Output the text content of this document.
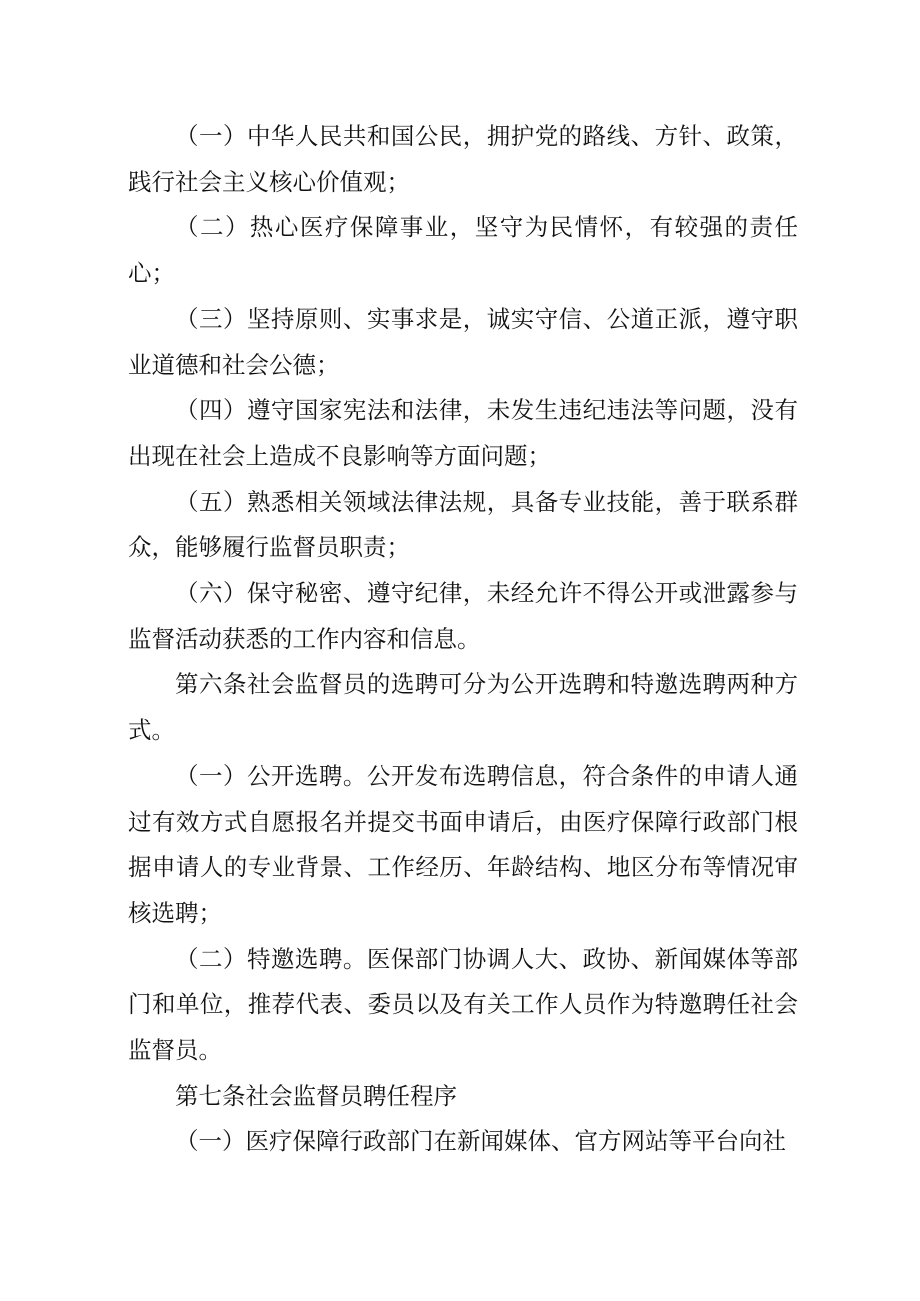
（一）中华人民共和国公民，拥护党的路线、方针、政策，践行社会主义核心价值观；

（二）热心医疗保障事业，坚守为民情怀，有较强的责任心；

（三）坚持原则、实事求是，诚实守信、公道正派，遵守职业道德和社会公德；

（四）遵守国家宪法和法律，未发生违纪违法等问题，没有出现在社会上造成不良影响等方面问题；

（五）熟悉相关领域法律法规，具备专业技能，善于联系群众，能够履行监督员职责；

（六）保守秘密、遵守纪律，未经允许不得公开或泄露参与监督活动获悉的工作内容和信息。

第六条社会监督员的选聘可分为公开选聘和特邀选聘两种方式。

（一）公开选聘。公开发布选聘信息，符合条件的申请人通过有效方式自愿报名并提交书面申请后，由医疗保障行政部门根据申请人的专业背景、工作经历、年龄结构、地区分布等情况审核选聘；

（二）特邀选聘。医保部门协调人大、政协、新闻媒体等部门和单位，推荐代表、委员以及有关工作人员作为特邀聘任社会监督员。

第七条社会监督员聘任程序

（一）医疗保障行政部门在新闻媒体、官方网站等平台向社
